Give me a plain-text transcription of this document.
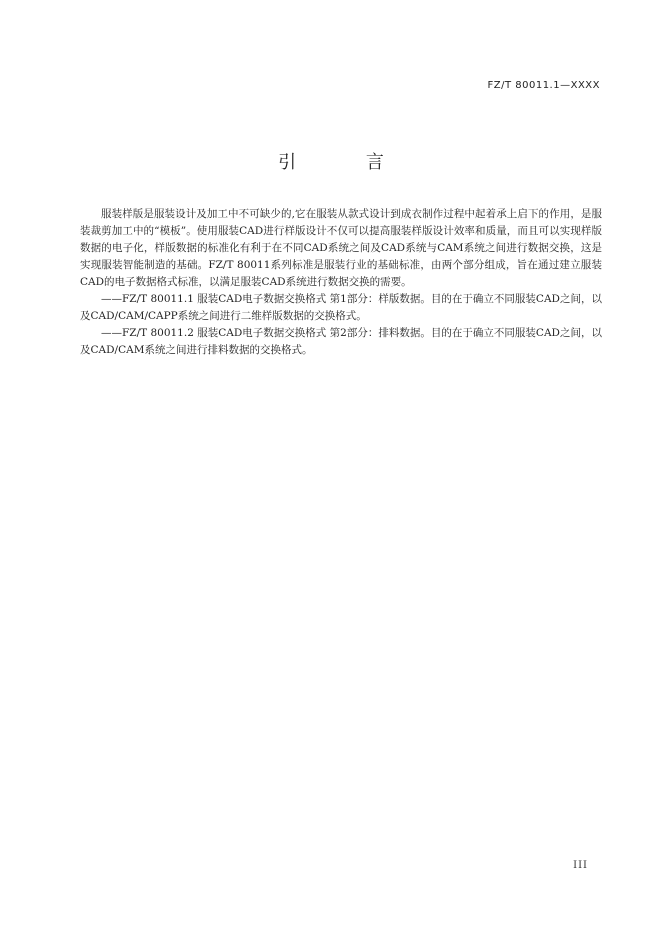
FZ/T 80011.1—XXXX
引 言

服装样版是服装设计及加工中不可缺少的,它在服装从款式设计到成衣制作过程中起着承上启下的作用，是服装裁剪加工中的“模板”。使用服装CAD进行样版设计不仅可以提高服装样版设计效率和质量，而且可以实现样版数据的电子化，样版数据的标准化有利于在不同CAD系统之间及CAD系统与CAM系统之间进行数据交换，这是实现服装智能制造的基础。FZ/T 80011系列标准是服装行业的基础标准，由两个部分组成，旨在通过建立服装CAD的电子数据格式标准，以满足服装CAD系统进行数据交换的需要。

——FZ/T 80011.1 服装CAD电子数据交换格式 第1部分：样版数据。目的在于确立不同服装CAD之间，以及CAD/CAM/CAPP系统之间进行二维样版数据的交换格式。

——FZ/T 80011.2 服装CAD电子数据交换格式 第2部分：排料数据。目的在于确立不同服装CAD之间，以及CAD/CAM系统之间进行排料数据的交换格式。

III
